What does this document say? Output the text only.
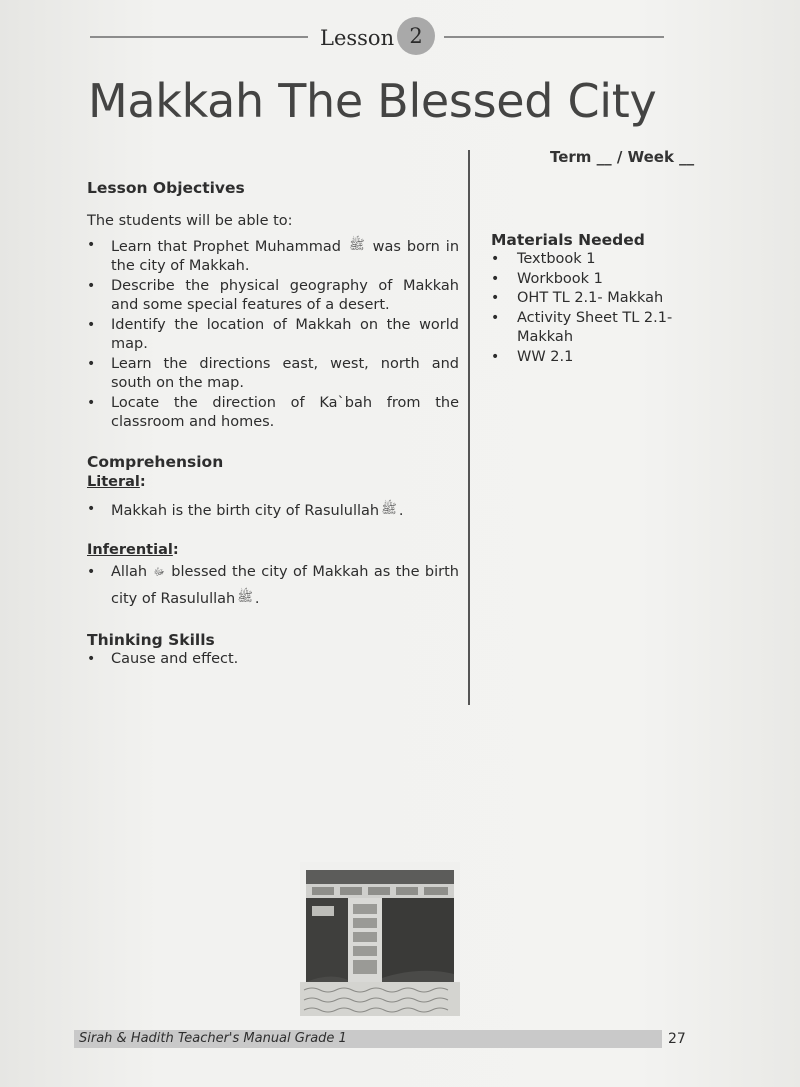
Lesson 2
Makkah The Blessed City
Term __ / Week __
Lesson Objectives

The students will be able to:

• Learn that Prophet Muhammad ﷺ was born in the city of Makkah.
• Describe the physical geography of Makkah and some special features of a desert.
• Identify the location of Makkah on the world map.
• Learn the directions east, west, north and south on the map.
• Locate the direction of Ka`bah from the classroom and homes.
Comprehension
Literal:
• Makkah is the birth city of Rasulullah ﷺ .
Inferential:
• Allah ﷻ blessed the city of Makkah as the birth city of Rasulullah ﷺ .
Thinking Skills
• Cause and effect.
Materials Needed
• Textbook 1
• Workbook 1
• OHT TL 2.1- Makkah
• Activity Sheet TL 2.1- Makkah
• WW 2.1
Sirah & Hadith Teacher's Manual Grade 1	27
